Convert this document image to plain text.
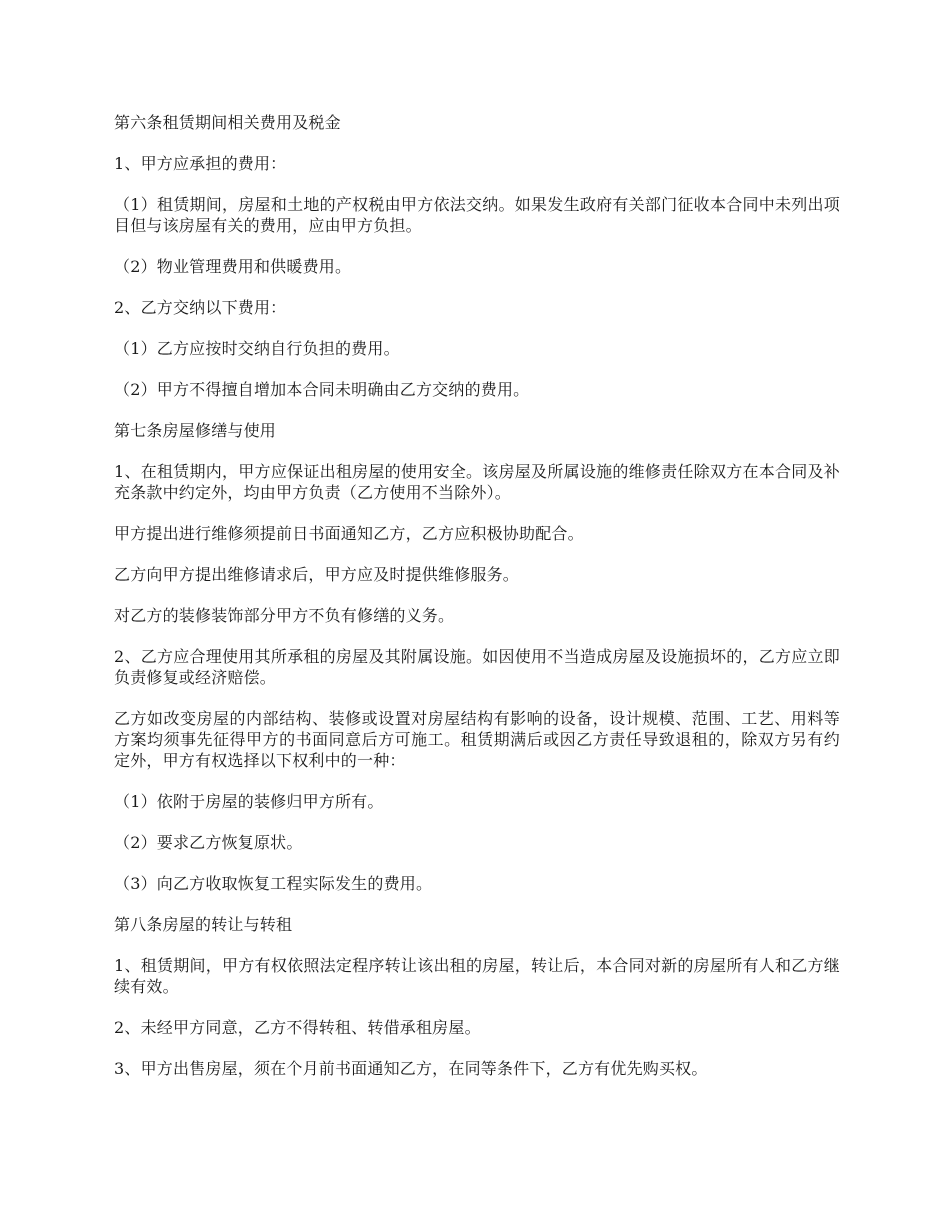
第六条租赁期间相关费用及税金

1、甲方应承担的费用：

（1）租赁期间，房屋和土地的产权税由甲方依法交纳。如果发生政府有关部门征收本合同中未列出项目但与该房屋有关的费用，应由甲方负担。

（2）物业管理费用和供暖费用。

2、乙方交纳以下费用：

（1）乙方应按时交纳自行负担的费用。

（2）甲方不得擅自增加本合同未明确由乙方交纳的费用。

第七条房屋修缮与使用

1、在租赁期内，甲方应保证出租房屋的使用安全。该房屋及所属设施的维修责任除双方在本合同及补充条款中约定外，均由甲方负责（乙方使用不当除外）。

甲方提出进行维修须提前日书面通知乙方，乙方应积极协助配合。

乙方向甲方提出维修请求后，甲方应及时提供维修服务。

对乙方的装修装饰部分甲方不负有修缮的义务。

2、乙方应合理使用其所承租的房屋及其附属设施。如因使用不当造成房屋及设施损坏的，乙方应立即负责修复或经济赔偿。

乙方如改变房屋的内部结构、装修或设置对房屋结构有影响的设备，设计规模、范围、工艺、用料等方案均须事先征得甲方的书面同意后方可施工。租赁期满后或因乙方责任导致退租的，除双方另有约定外，甲方有权选择以下权利中的一种：

（1）依附于房屋的装修归甲方所有。

（2）要求乙方恢复原状。

（3）向乙方收取恢复工程实际发生的费用。

第八条房屋的转让与转租

1、租赁期间，甲方有权依照法定程序转让该出租的房屋，转让后，本合同对新的房屋所有人和乙方继续有效。

2、未经甲方同意，乙方不得转租、转借承租房屋。

3、甲方出售房屋，须在个月前书面通知乙方，在同等条件下，乙方有优先购买权。
